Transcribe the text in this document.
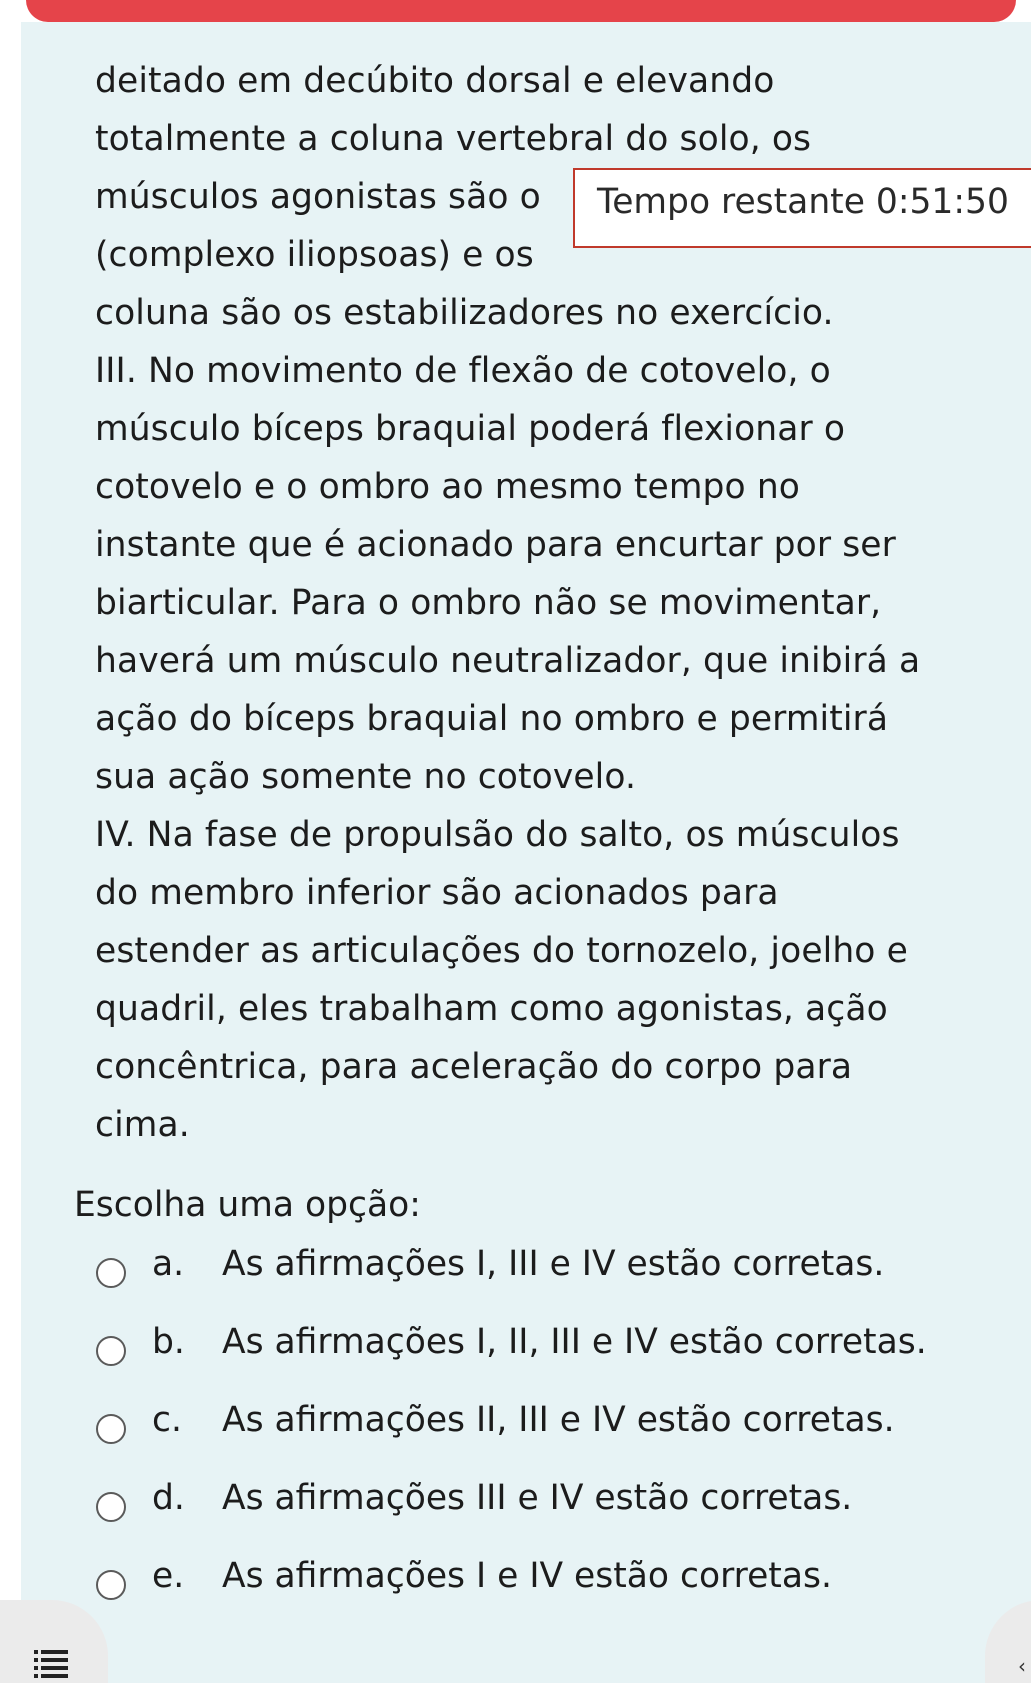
deitado em decúbito dorsal e elevando
totalmente a coluna vertebral do solo, os
músculos agonistas são o
(complexo iliopsoas) e os
coluna são os estabilizadores no exercício.
III. No movimento de flexão de cotovelo, o
músculo bíceps braquial poderá flexionar o
cotovelo e o ombro ao mesmo tempo no
instante que é acionado para encurtar por ser
biarticular. Para o ombro não se movimentar,
haverá um músculo neutralizador, que inibirá a
ação do bíceps braquial no ombro e permitirá
sua ação somente no cotovelo.
IV. Na fase de propulsão do salto, os músculos
do membro inferior são acionados para
estender as articulações do tornozelo, joelho e
quadril, eles trabalham como agonistas, ação
concêntrica, para aceleração do corpo para
cima.
Tempo restante 0:51:50
Escolha uma opção:
a. As afirmações I, III e IV estão corretas.
b. As afirmações I, II, III e IV estão corretas.
c. As afirmações II, III e IV estão corretas.
d. As afirmações III e IV estão corretas.
e. As afirmações I e IV estão corretas.
‹
